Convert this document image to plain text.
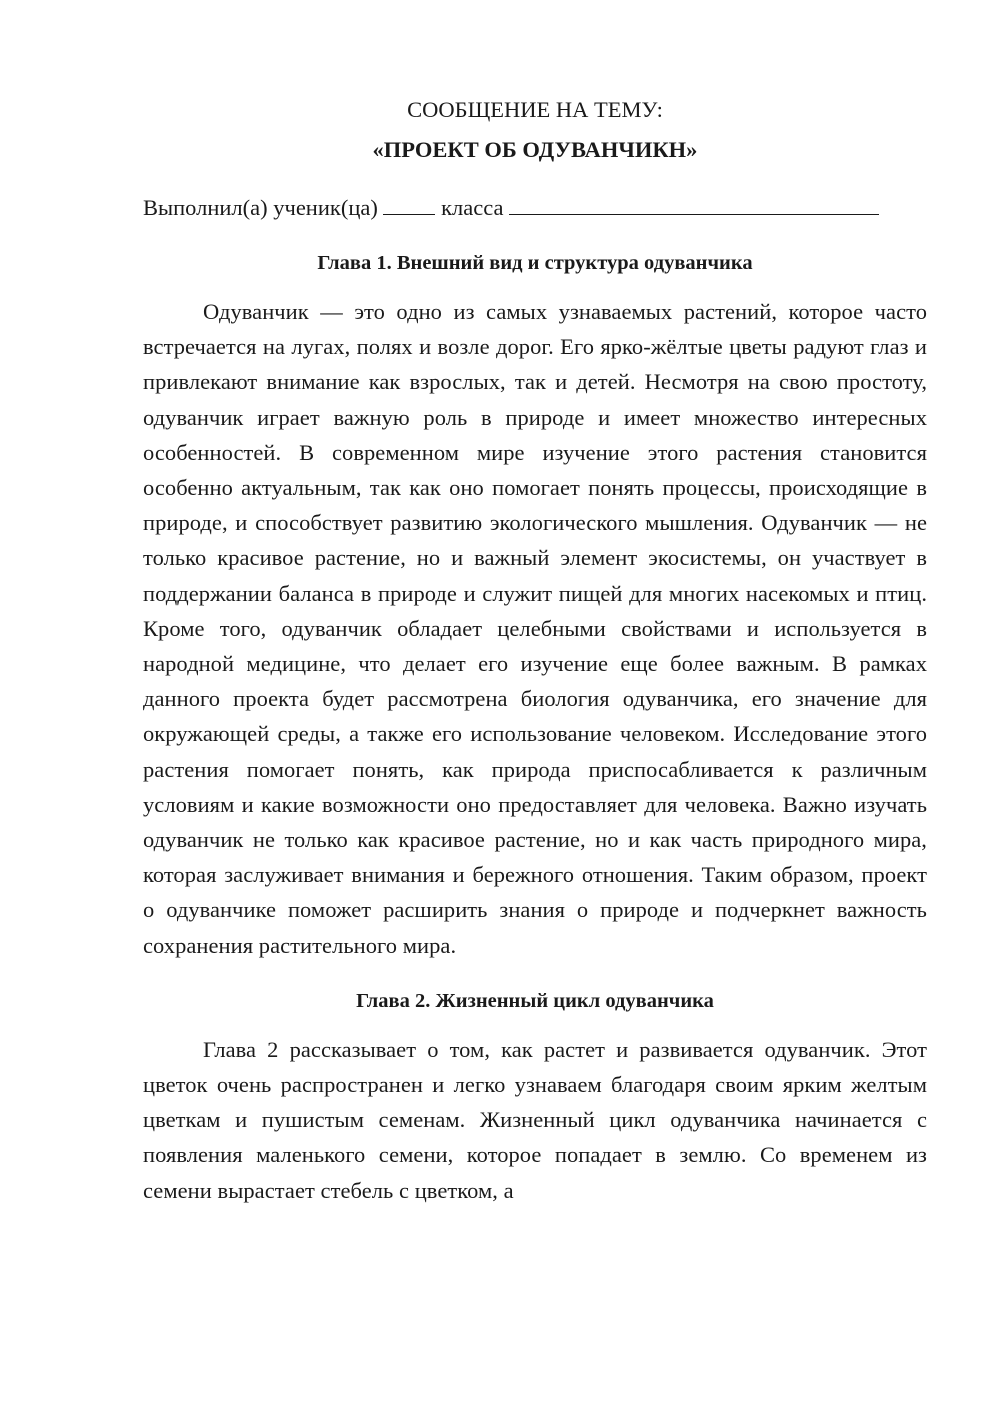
СООБЩЕНИЕ НА ТЕМУ:
«ПРОЕКТ ОБ ОДУВАНЧИКН»
Выполнил(а) ученик(ца)	класса
Глава 1. Внешний вид и структура одуванчика

Одуванчик — это одно из самых узнаваемых растений, которое часто встречается на лугах, полях и возле дорог. Его ярко-жёлтые цветы радуют глаз и привлекают внимание как взрослых, так и детей. Несмотря на свою простоту, одуванчик играет важную роль в природе и имеет множество интересных особенностей. В современном мире изучение этого растения становится особенно актуальным, так как оно помогает понять процессы, происходящие в природе, и способствует развитию экологического мышления. Одуванчик — не только красивое растение, но и важный элемент экосистемы, он участвует в поддержании баланса в природе и служит пищей для многих насекомых и птиц. Кроме того, одуванчик обладает целебными свойствами и используется в народной медицине, что делает его изучение еще более важным. В рамках данного проекта будет рассмотрена биология одуванчика, его значение для окружающей среды, а также его использование человеком. Исследование этого растения помогает понять, как природа приспосабливается к различным условиям и какие возможности оно предоставляет для человека. Важно изучать одуванчик не только как красивое растение, но и как часть природного мира, которая заслуживает внимания и бережного отношения. Таким образом, проект о одуванчике поможет расширить знания о природе и подчеркнет важность сохранения растительного мира.

Глава 2. Жизненный цикл одуванчика

Глава 2 рассказывает о том, как растет и развивается одуванчик. Этот цветок очень распространен и легко узнаваем благодаря своим ярким желтым цветкам и пушистым семенам. Жизненный цикл одуванчика начинается с появления маленького семени, которое попадает в землю. Со временем из семени вырастает стебель с цветком, а
